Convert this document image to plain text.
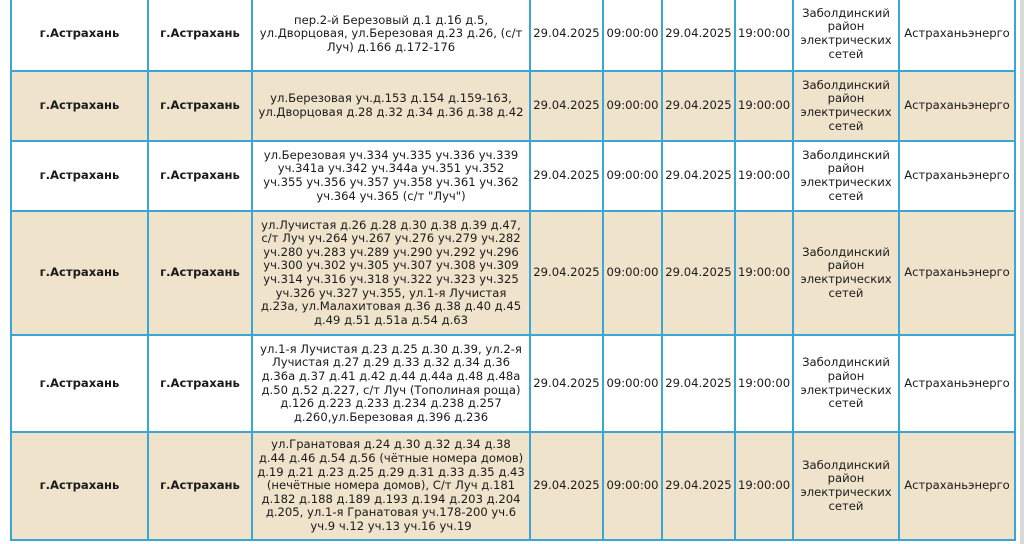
г.Астрахань	г.Астрахань	пер.2-й Березовый д.1 д.1б д.5, ул.Дворцовая, ул.Березовая д.23 д.26, (с/т Луч) д.166 д.172-176	29.04.2025	09:00:00	29.04.2025	19:00:00	Заболдинский район электрических сетей	Астраханьэнерго
г.Астрахань	г.Астрахань	ул.Березовая уч.д.153 д.154 д.159-163, ул.Дворцовая д.28 д.32 д.34 д.36 д.38 д.42	29.04.2025	09:00:00	29.04.2025	19:00:00	Заболдинский район электрических сетей	Астраханьэнерго
г.Астрахань	г.Астрахань	ул.Березовая уч.334 уч.335 уч.336 уч.339 уч.341а уч.342 уч.344а уч.351 уч.352 уч.355 уч.356 уч.357 уч.358 уч.361 уч.362 уч.364 уч.365 (с/т "Луч")	29.04.2025	09:00:00	29.04.2025	19:00:00	Заболдинский район электрических сетей	Астраханьэнерго
г.Астрахань	г.Астрахань	ул.Лучистая д.26 д.28 д.30 д.38 д.39 д.47, с/т Луч уч.264 уч.267 уч.276 уч.279 уч.282 уч.280 уч.283 уч.289 уч.290 уч.292 уч.296 уч.300 уч.302 уч.305 уч.307 уч.308 уч.309 уч.314 уч.316 уч.318 уч.322 уч.323 уч.325 уч.326 уч.327 уч.355, ул.1-я Лучистая д.23а, ул.Малахитовая д.36 д.38 д.40 д.45 д.49 д.51 д.51а д.54 д.63	29.04.2025	09:00:00	29.04.2025	19:00:00	Заболдинский район электрических сетей	Астраханьэнерго
г.Астрахань	г.Астрахань	ул.1-я Лучистая д.23 д.25 д.30 д.39, ул.2-я Лучистая д.27 д.29 д.33 д.32 д.34 д.36 д.36а д.37 д.41 д.42 д.44 д.44а д.48 д.48а д.50 д.52 д.227, с/т Луч (Тополиная роща) д.126 д.223 д.233 д.234 д.238 д.257 д.260,ул.Березовая д.396 д.236	29.04.2025	09:00:00	29.04.2025	19:00:00	Заболдинский район электрических сетей	Астраханьэнерго
г.Астрахань	г.Астрахань	ул.Гранатовая д.24 д.30 д.32 д.34 д.38 д.44 д.46 д.54 д.56 (чётные номера домов) д.19 д.21 д.23 д.25 д.29 д.31 д.33 д.35 д.43 (нечётные номера домов), С/т Луч д.181 д.182 д.188 д.189 д.193 д.194 д.203 д.204 д.205, ул.1-я Гранатовая уч.178-200 уч.6 уч.9 ч.12 уч.13 уч.16 уч.19	29.04.2025	09:00:00	29.04.2025	19:00:00	Заболдинский район электрических сетей	Астраханьэнерго
